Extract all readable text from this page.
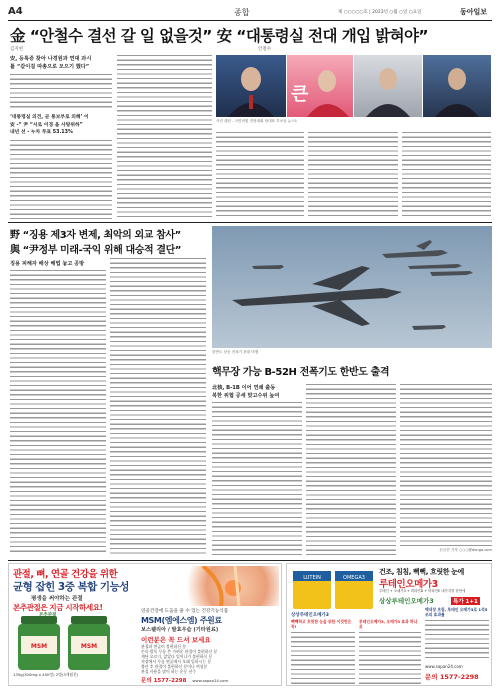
A4	종합	제 ○○○○○호 | 2023년 ○월 ○일 ○요일	동아일보
金 “안철수 결선 갈 일 없을것” 安 “대통령실 전대 개입 밝혀야”
김지현	안철수
安, 등록증 찾아 나경원과 연대 과시
틀 “같이걸 따총으로 모으기 했다”
‘대통령실 의견, 곧 통보부로 의해’ 이
安 -“ 尹 “서로 이경 을 사탕위하”
내년 선 - 누차 투표 53.13%
큰
사진 캡션 - 국민의힘 전당대회 당대표 후보들 뉴스1
野 “징용 제3자 변제, 최악의 외교 참사”
與 “尹정부 미래-국익 위해 대승적 결단”
징용 피해자 배상 해법 놓고 공방
한반도 상공 전폭기 편대 비행
핵무장 가능 B-52H 전폭기도 한반도 출격
北核, B-1B 이어 연쇄 출동
북한 위협 공세 맞고수위 높여
신규진 기자 ○○○@donga.com
관절, 뼈, 연골 건강을 위한
균형 잡힌 3중 복합 기능성
평생을 써야하는 관절
본추관절은 지금 시작하세요!
MSM	MSM
본추관절
135g(300mg x 450정) 2병(3개월분)
연골건강에 도움을 줄 수 있는 건강기능식품
MSM(엠에스엠) 주원료
보스웰리아 / 발효우슬 (기타원료)
이런분은 꼭 드셔 보세요
관절과 연골이 불편하신 분
손목·발목 무릎 쓴 가벼운 관절이 불편하신 분
계단 오르기, 앉았다 일어나기 불편하신 분
직장에서 무릎 연골에서 오래 일하시는 분
출산 후 관절이 불편하신 분이나 여성분
관절 사용을 많이 하는 운동 선수
문의 1577-2298 www.sapan24.com
건조, 침침, 뻑뻑, 흐릿한 눈에
루테인오메가3
루테인 + 오메가3 + 비타민D + 비타민E 네가지를 한번에
LUTEIN	OMEGA3
상상루테인오메가3
빽빽하고 흐릿한 눈을 위한 이것만은 꼭!
루테인오메가3, 오메가3 효과 하나로
상상루테인오메가3	특가 1+1
백내장 흐림, 루테인 오메가3로 1석5조의 효과를
www.sapan24.com
문의 1577-2298
